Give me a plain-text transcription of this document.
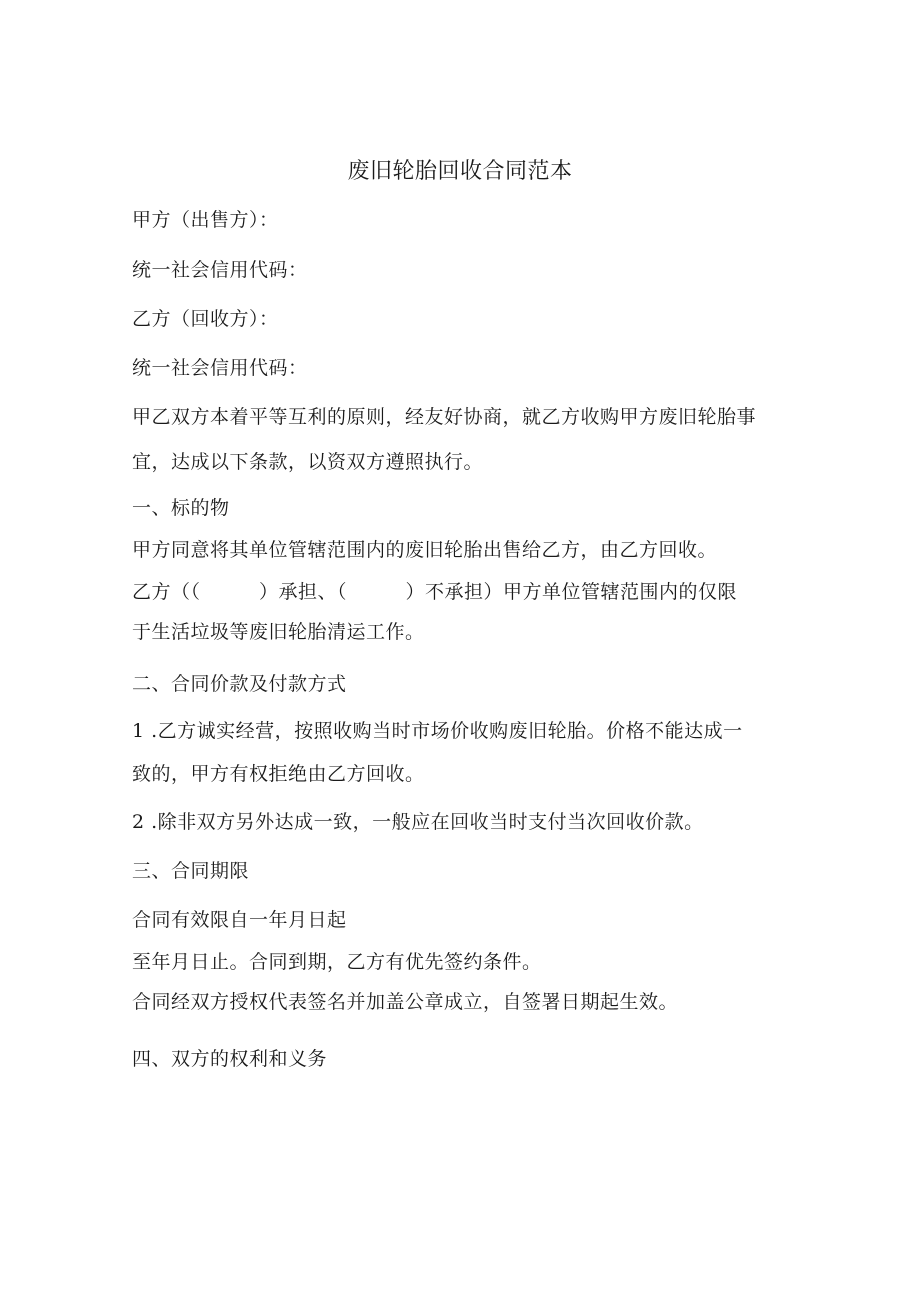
废旧轮胎回收合同范本
甲方（出售方）：
统一社会信用代码：
乙方（回收方）：
统一社会信用代码：
甲乙双方本着平等互利的原则，经友好协商，就乙方收购甲方废旧轮胎事
宜，达成以下条款，以资双方遵照执行。
一、标的物
甲方同意将其单位管辖范围内的废旧轮胎出售给乙方，由乙方回收。
乙方（（　　　）承担、（　　　）不承担）甲方单位管辖范围内的仅限
于生活垃圾等废旧轮胎清运工作。
二、合同价款及付款方式
1 .乙方诚实经营，按照收购当时市场价收购废旧轮胎。价格不能达成一
致的，甲方有权拒绝由乙方回收。
2 .除非双方另外达成一致，一般应在回收当时支付当次回收价款。
三、合同期限
合同有效限自一年月日起
至年月日止。合同到期，乙方有优先签约条件。
合同经双方授权代表签名并加盖公章成立，自签署日期起生效。
四、双方的权利和义务
